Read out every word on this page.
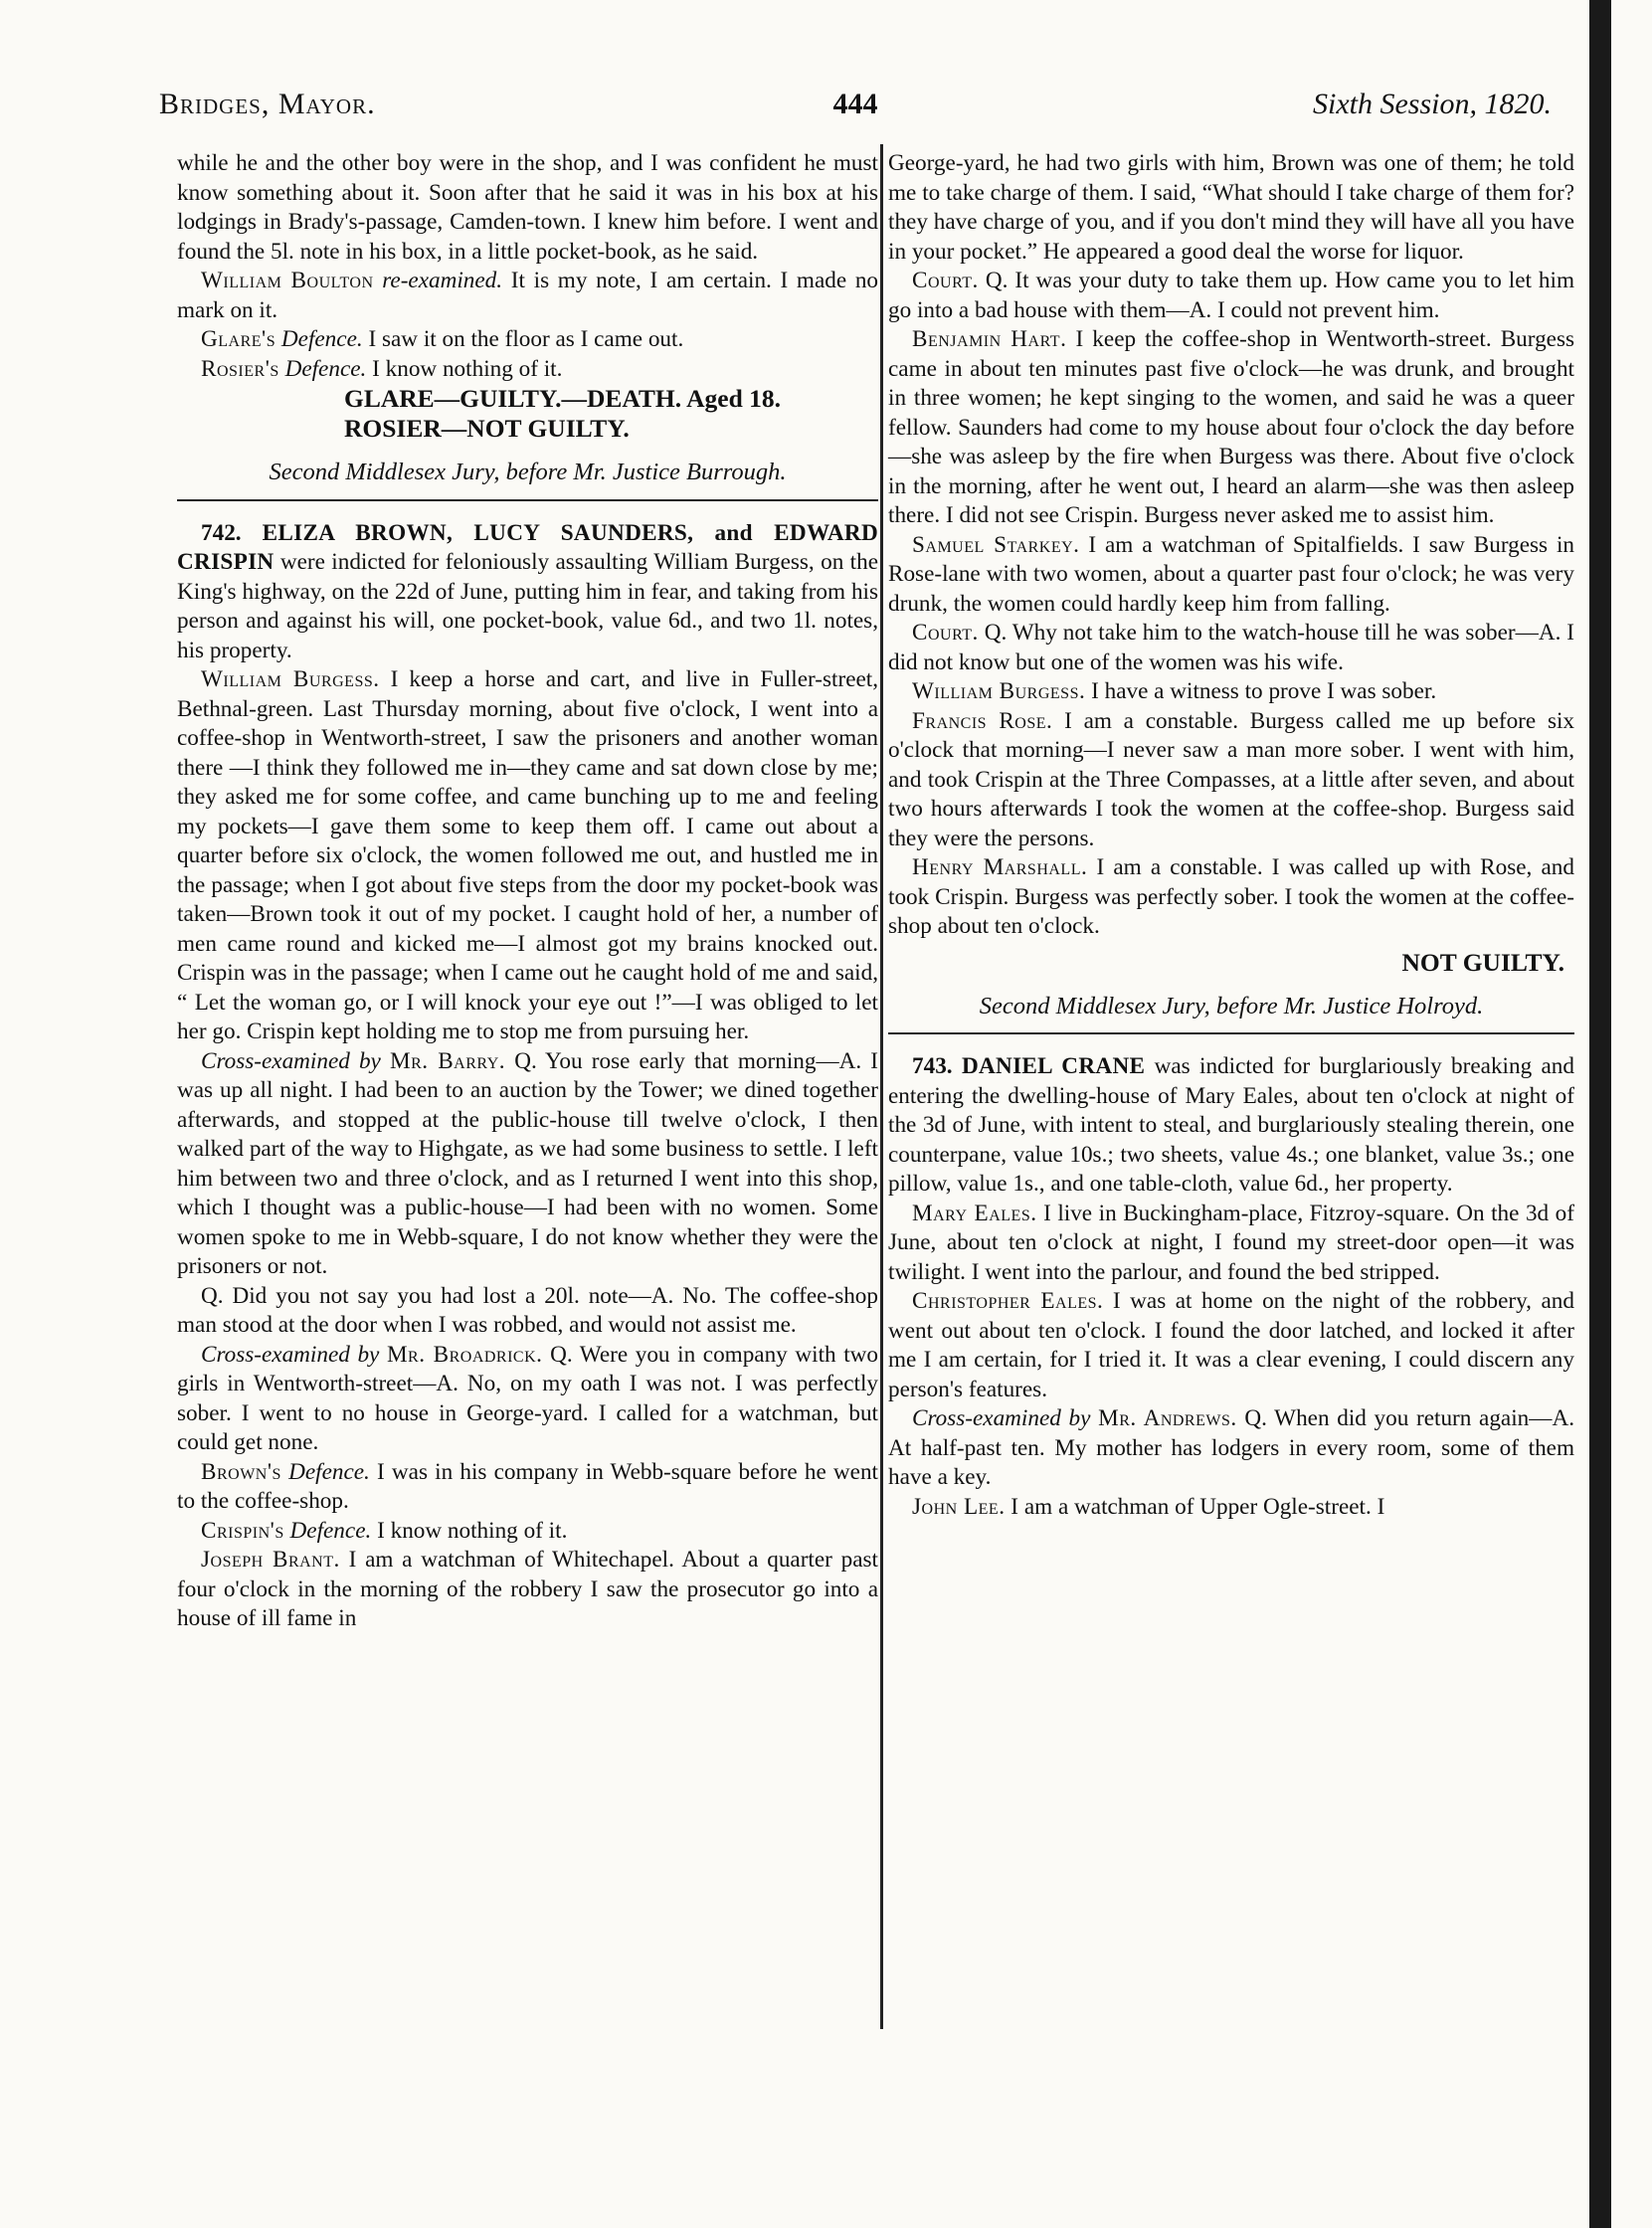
Bridges, Mayor.	444	Sixth Session, 1820.

while he and the other boy were in the shop, and I was confident he must know something about it. Soon after that he said it was in his box at his lodgings in Brady's-passage, Camden-town. I knew him before. I went and found the 5l. note in his box, in a little pocket-book, as he said.

William Boulton re-examined. It is my note, I am certain. I made no mark on it.

Glare's Defence. I saw it on the floor as I came out.

Rosier's Defence. I know nothing of it.

GLARE—GUILTY.—DEATH. Aged 18.
ROSIER—NOT GUILTY.
Second Middlesex Jury, before Mr. Justice Burrough.

742. ELIZA BROWN, LUCY SAUNDERS, and EDWARD CRISPIN were indicted for feloniously assaulting William Burgess, on the King's highway, on the 22d of June, putting him in fear, and taking from his person and against his will, one pocket-book, value 6d., and two 1l. notes, his property.

William Burgess. I keep a horse and cart, and live in Fuller-street, Bethnal-green. Last Thursday morning, about five o'clock, I went into a coffee-shop in Wentworth-street, I saw the prisoners and another woman there —I think they followed me in—they came and sat down close by me; they asked me for some coffee, and came bunching up to me and feeling my pockets—I gave them some to keep them off. I came out about a quarter before six o'clock, the women followed me out, and hustled me in the passage; when I got about five steps from the door my pocket-book was taken—Brown took it out of my pocket. I caught hold of her, a number of men came round and kicked me—I almost got my brains knocked out. Crispin was in the passage; when I came out he caught hold of me and said, “ Let the woman go, or I will knock your eye out !”—I was obliged to let her go. Crispin kept holding me to stop me from pursuing her.

Cross-examined by Mr. Barry. Q. You rose early that morning—A. I was up all night. I had been to an auction by the Tower; we dined together afterwards, and stopped at the public-house till twelve o'clock, I then walked part of the way to Highgate, as we had some business to settle. I left him between two and three o'clock, and as I returned I went into this shop, which I thought was a public-house—I had been with no women. Some women spoke to me in Webb-square, I do not know whether they were the prisoners or not.

Q. Did you not say you had lost a 20l. note—A. No. The coffee-shop man stood at the door when I was robbed, and would not assist me.

Cross-examined by Mr. Broadrick. Q. Were you in company with two girls in Wentworth-street—A. No, on my oath I was not. I was perfectly sober. I went to no house in George-yard. I called for a watchman, but could get none.

Brown's Defence. I was in his company in Webb-square before he went to the coffee-shop.

Crispin's Defence. I know nothing of it.

Joseph Brant. I am a watchman of Whitechapel. About a quarter past four o'clock in the morning of the robbery I saw the prosecutor go into a house of ill fame in

George-yard, he had two girls with him, Brown was one of them; he told me to take charge of them. I said, “What should I take charge of them for? they have charge of you, and if you don't mind they will have all you have in your pocket.” He appeared a good deal the worse for liquor.

Court. Q. It was your duty to take them up. How came you to let him go into a bad house with them—A. I could not prevent him.

Benjamin Hart. I keep the coffee-shop in Wentworth-street. Burgess came in about ten minutes past five o'clock—he was drunk, and brought in three women; he kept singing to the women, and said he was a queer fellow. Saunders had come to my house about four o'clock the day before—she was asleep by the fire when Burgess was there. About five o'clock in the morning, after he went out, I heard an alarm—she was then asleep there. I did not see Crispin. Burgess never asked me to assist him.

Samuel Starkey. I am a watchman of Spitalfields. I saw Burgess in Rose-lane with two women, about a quarter past four o'clock; he was very drunk, the women could hardly keep him from falling.

Court. Q. Why not take him to the watch-house till he was sober—A. I did not know but one of the women was his wife.

William Burgess. I have a witness to prove I was sober.

Francis Rose. I am a constable. Burgess called me up before six o'clock that morning—I never saw a man more sober. I went with him, and took Crispin at the Three Compasses, at a little after seven, and about two hours afterwards I took the women at the coffee-shop. Burgess said they were the persons.

Henry Marshall. I am a constable. I was called up with Rose, and took Crispin. Burgess was perfectly sober. I took the women at the coffee-shop about ten o'clock.

NOT GUILTY.
Second Middlesex Jury, before Mr. Justice Holroyd.

743. DANIEL CRANE was indicted for burglariously breaking and entering the dwelling-house of Mary Eales, about ten o'clock at night of the 3d of June, with intent to steal, and burglariously stealing therein, one counterpane, value 10s.; two sheets, value 4s.; one blanket, value 3s.; one pillow, value 1s., and one table-cloth, value 6d., her property.

Mary Eales. I live in Buckingham-place, Fitzroy-square. On the 3d of June, about ten o'clock at night, I found my street-door open—it was twilight. I went into the parlour, and found the bed stripped.

Christopher Eales. I was at home on the night of the robbery, and went out about ten o'clock. I found the door latched, and locked it after me I am certain, for I tried it. It was a clear evening, I could discern any person's features.

Cross-examined by Mr. Andrews. Q. When did you return again—A. At half-past ten. My mother has lodgers in every room, some of them have a key.

John Lee. I am a watchman of Upper Ogle-street. I
